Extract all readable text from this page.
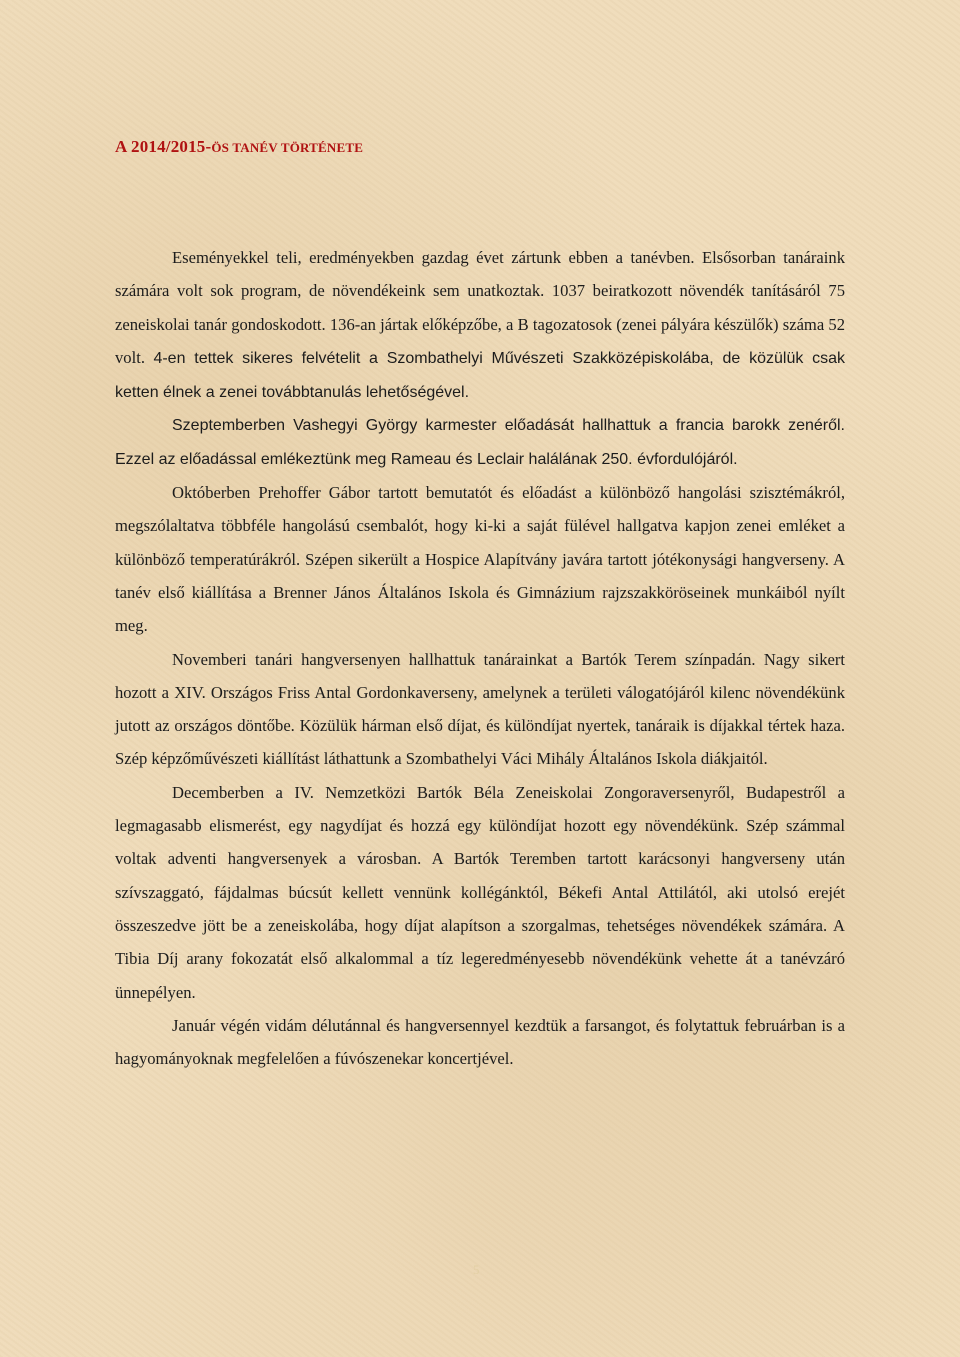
A 2014/2015-ÖS TANÉV TÖRTÉNETE

Eseményekkel teli, eredményekben gazdag évet zártunk ebben a tanévben. Elsősorban tanáraink számára volt sok program, de növendékeink sem unatkoztak. 1037 beiratkozott növendék tanításáról 75 zeneiskolai tanár gondoskodott. 136-an jártak előképzőbe, a B tagozatosok (zenei pályára készülők) száma 52 volt. 4-en tettek sikeres felvételit a Szombathelyi Művészeti Szakközépiskolába, de közülük csak ketten élnek a zenei továbbtanulás lehetőségével.

Szeptemberben Vashegyi György karmester előadását hallhattuk a francia barokk zenéről. Ezzel az előadással emlékeztünk meg Rameau és Leclair halálának 250. évfordulójáról.

Októberben Prehoffer Gábor tartott bemutatót és előadást a különböző hangolási szisztémákról, megszólaltatva többféle hangolású csembalót, hogy ki-ki a saját fülével hallgatva kapjon zenei emléket a különböző temperatúrákról. Szépen sikerült a Hospice Alapítvány javára tartott jótékonysági hangverseny. A tanév első kiállítása a Brenner János Általános Iskola és Gimnázium rajzszakköröseinek munkáiból nyílt meg.

Novemberi tanári hangversenyen hallhattuk tanárainkat a Bartók Terem színpadán. Nagy sikert hozott a XIV. Országos Friss Antal Gordonkaverseny, amelynek a területi válogatójáról kilenc növendékünk jutott az országos döntőbe. Közülük hárman első díjat, és különdíjat nyertek, tanáraik is díjakkal tértek haza. Szép képzőművészeti kiállítást láthattunk a Szombathelyi Váci Mihály Általános Iskola diákjaitól.

Decemberben a IV. Nemzetközi Bartók Béla Zeneiskolai Zongoraversenyről, Budapestről a legmagasabb elismerést, egy nagydíjat és hozzá egy különdíjat hozott egy növendékünk. Szép számmal voltak adventi hangversenyek a városban. A Bartók Teremben tartott karácsonyi hangverseny után szívszaggató, fájdalmas búcsút kellett vennünk kollégánktól, Békefi Antal Attilától, aki utolsó erejét összeszedve jött be a zeneiskolába, hogy díjat alapítson a szorgalmas, tehetséges növendékek számára. A Tibia Díj arany fokozatát első alkalommal a tíz legeredményesebb növendékünk vehette át a tanévzáró ünnepélyen.

Január végén vidám délutánnal és hangversennyel kezdtük a farsangot, és folytattuk februárban is a hagyományoknak megfelelően a fúvószenekar koncertjével.

5
